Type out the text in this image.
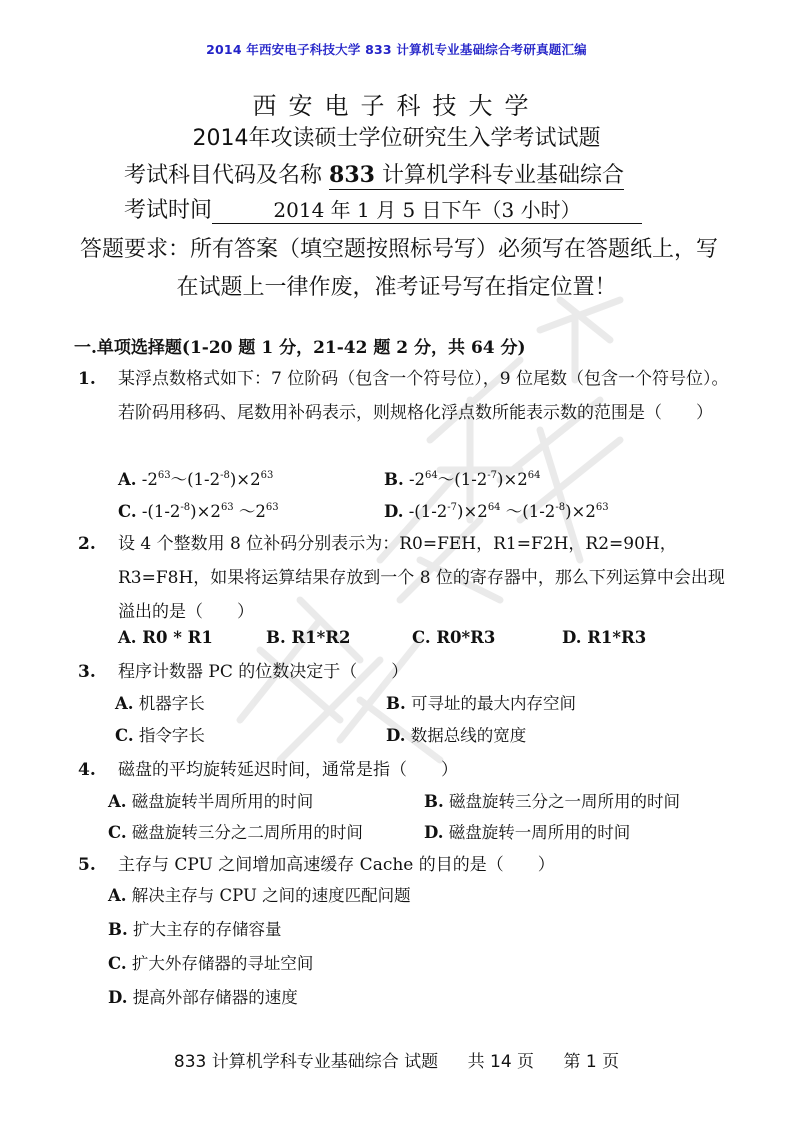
2014 年西安电子科技大学 833 计算机专业基础综合考研真题汇编
西安电子科技大学
2014年攻读硕士学位研究生入学考试试题
考试科目代码及名称 833 计算机学科专业基础综合
考试时间	2014 年 1 月 5 日下午（3 小时）
答题要求：所有答案（填空题按照标号写）必须写在答题纸上，写
在试题上一律作废，准考证号写在指定位置！
一.单项选择题(1-20 题 1 分，21-42 题 2 分，共 64 分)
1.	某浮点数格式如下：7 位阶码（包含一个符号位），9 位尾数（包含一个符号位）。若阶码用移码、尾数用补码表示，则规格化浮点数所能表示数的范围是（　　）
A. $-2^{63}\sim(1-2^{-8})\times 2^{63}$	B. $-2^{64}\sim(1-2^{-7})\times 2^{64}$
C. $-(1-2^{-8})\times 2^{63}$ $\sim 2^{63}$	D. $-(1-2^{-7})\times 2^{64}$ $\sim(1-2^{-8})\times 2^{63}$
2.	设 4 个整数用 8 位补码分别表示为：R0=FEH，R1=F2H，R2=90H，R3=F8H，如果将运算结果存放到一个 8 位的寄存器中，那么下列运算中会出现溢出的是（　　）
A. R0 * R1	B. R1*R2	C. R0*R3	D. R1*R3
3.	程序计数器 PC 的位数决定于（　　）
A. 机器字长	B. 可寻址的最大内存空间
C. 指令字长	D. 数据总线的宽度
4.	磁盘的平均旋转延迟时间，通常是指（　　）
A. 磁盘旋转半周所用的时间	B. 磁盘旋转三分之一周所用的时间
C. 磁盘旋转三分之二周所用的时间	D. 磁盘旋转一周所用的时间
5.	主存与 CPU 之间增加高速缓存 Cache 的目的是（　　）
A. 解决主存与 CPU 之间的速度匹配问题
B. 扩大主存的存储容量
C. 扩大外存储器的寻址空间
D. 提高外部存储器的速度
833 计算机学科专业基础综合 试题 共 14 页 第 1 页
